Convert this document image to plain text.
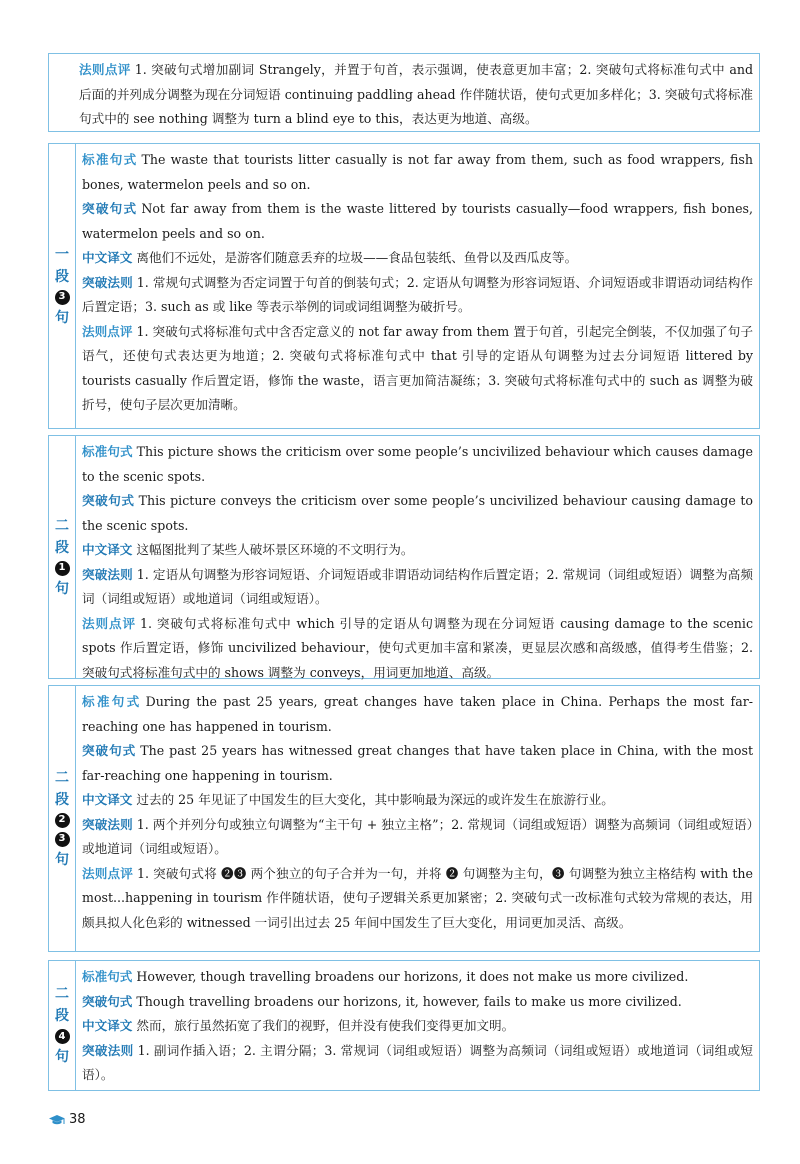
法则点评 1. 突破句式增加副词 Strangely，并置于句首，表示强调，使表意更加丰富；2. 突破句式将标准句式中 and 后面的并列成分调整为现在分词短语 continuing paddling ahead 作伴随状语，使句式更加多样化；3. 突破句式将标准句式中的 see nothing 调整为 turn a blind eye to this，表达更为地道、高级。
一
段
3
句
标准句式 The waste that tourists litter casually is not far away from them, such as food wrappers, fish bones, watermelon peels and so on.
突破句式 Not far away from them is the waste littered by tourists casually—food wrappers, fish bones, watermelon peels and so on.
中文译文 离他们不远处，是游客们随意丢弃的垃圾——食品包装纸、鱼骨以及西瓜皮等。
突破法则 1. 常规句式调整为否定词置于句首的倒装句式；2. 定语从句调整为形容词短语、介词短语或非谓语动词结构作后置定语；3. such as 或 like 等表示举例的词或词组调整为破折号。
法则点评 1. 突破句式将标准句式中含否定意义的 not far away from them 置于句首，引起完全倒装，不仅加强了句子语气，还使句式表达更为地道；2. 突破句式将标准句式中 that 引导的定语从句调整为过去分词短语 littered by tourists casually 作后置定语，修饰 the waste，语言更加简洁凝练；3. 突破句式将标准句式中的 such as 调整为破折号，使句子层次更加清晰。
二
段
1
句
标准句式 This picture shows the criticism over some people’s uncivilized behaviour which causes damage to the scenic spots.
突破句式 This picture conveys the criticism over some people’s uncivilized behaviour causing damage to the scenic spots.
中文译文 这幅图批判了某些人破坏景区环境的不文明行为。
突破法则 1. 定语从句调整为形容词短语、介词短语或非谓语动词结构作后置定语；2. 常规词（词组或短语）调整为高频词（词组或短语）或地道词（词组或短语）。
法则点评 1. 突破句式将标准句式中 which 引导的定语从句调整为现在分词短语 causing damage to the scenic spots 作后置定语，修饰 uncivilized behaviour，使句式更加丰富和紧凑，更显层次感和高级感，值得考生借鉴；2. 突破句式将标准句式中的 shows 调整为 conveys，用词更加地道、高级。
二
段
2
3
句
标准句式 During the past 25 years, great changes have taken place in China. Perhaps the most far-reaching one has happened in tourism.
突破句式 The past 25 years has witnessed great changes that have taken place in China, with the most far-reaching one happening in tourism.
中文译文 过去的 25 年见证了中国发生的巨大变化，其中影响最为深远的或许发生在旅游行业。
突破法则 1. 两个并列分句或独立句调整为“主干句 + 独立主格”；2. 常规词（词组或短语）调整为高频词（词组或短语）或地道词（词组或短语）。
法则点评 1. 突破句式将 ❷❸ 两个独立的句子合并为一句，并将 ❷ 句调整为主句，❸ 句调整为独立主格结构 with the most...happening in tourism 作伴随状语，使句子逻辑关系更加紧密；2. 突破句式一改标准句式较为常规的表达，用颇具拟人化色彩的 witnessed 一词引出过去 25 年间中国发生了巨大变化，用词更加灵活、高级。
二
段
4
句
标准句式 However, though travelling broadens our horizons, it does not make us more civilized.
突破句式 Though travelling broadens our horizons, it, however, fails to make us more civilized.
中文译文 然而，旅行虽然拓宽了我们的视野，但并没有使我们变得更加文明。
突破法则 1. 副词作插入语；2. 主谓分隔；3. 常规词（词组或短语）调整为高频词（词组或短语）或地道词（词组或短语）。
38
